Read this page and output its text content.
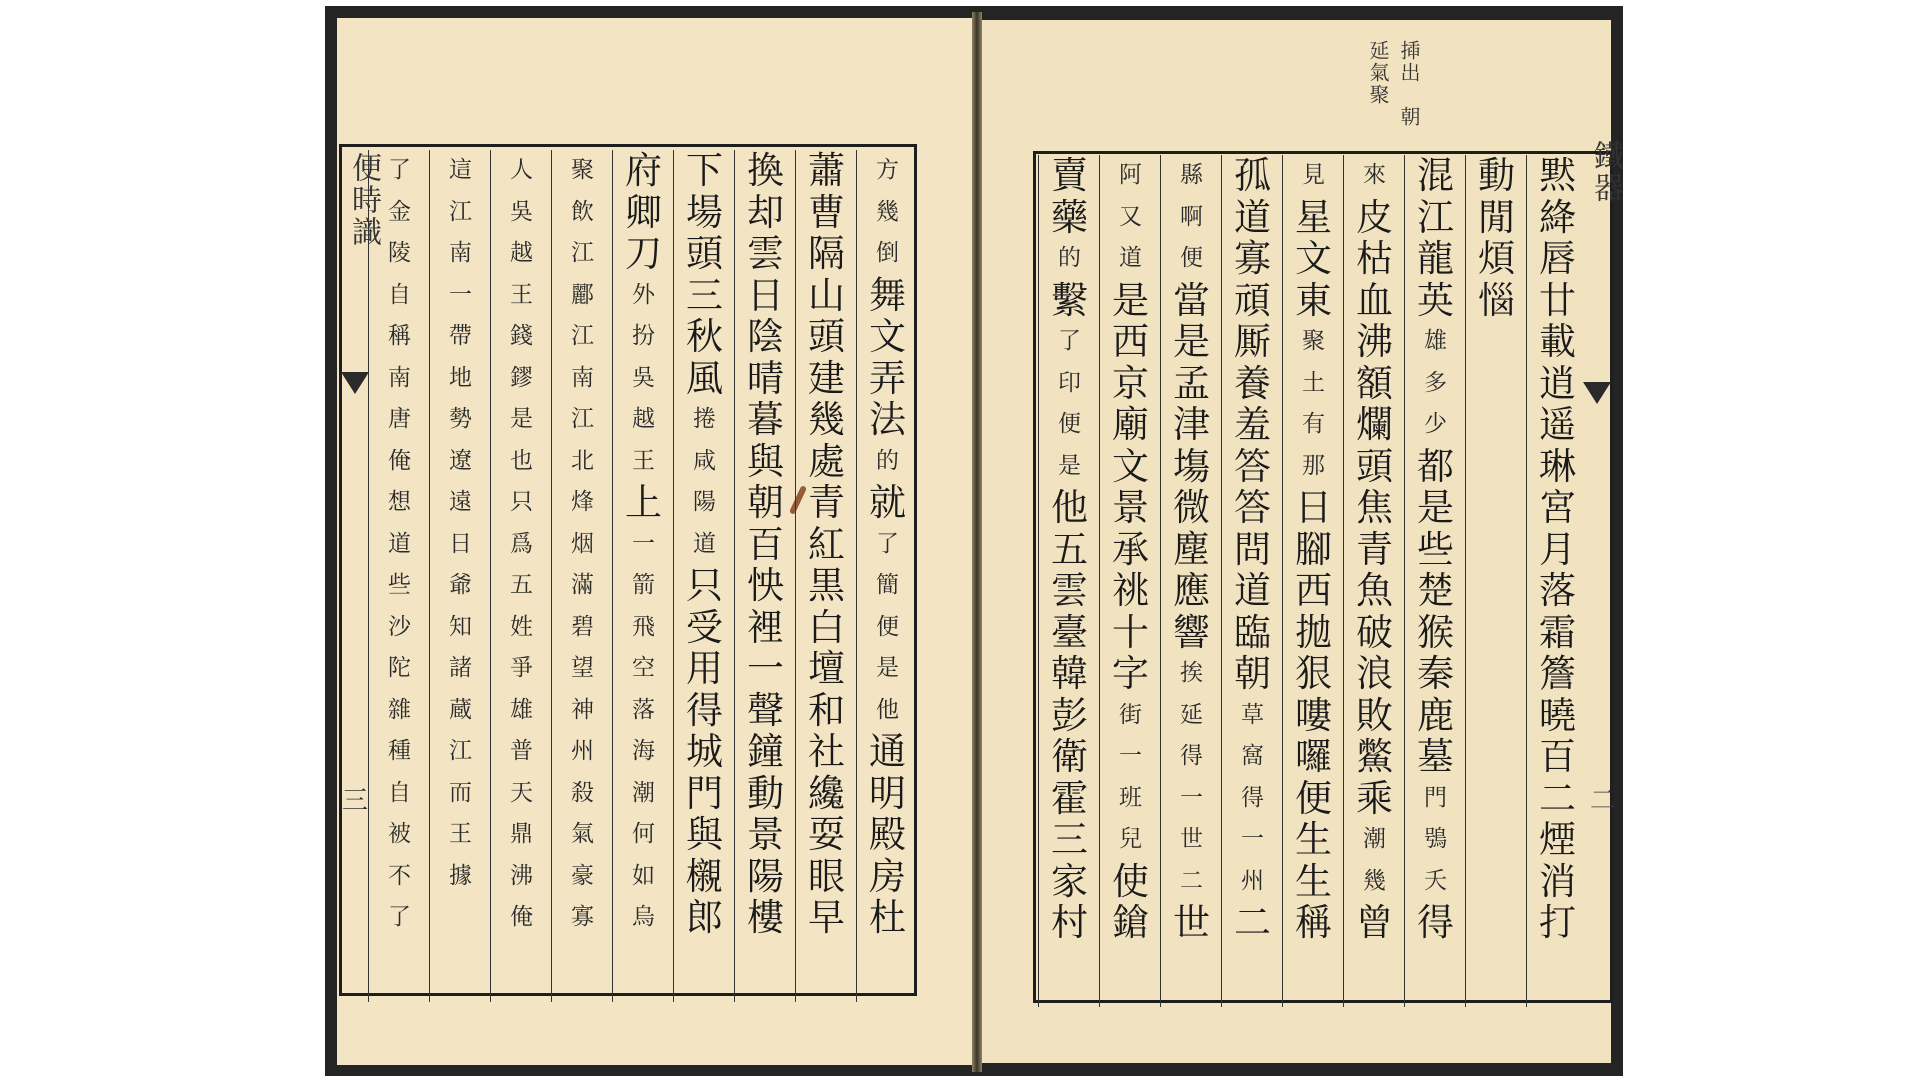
便時識
三
鐵器
二
揷出　朝
延氣聚
方
幾
倒
舞
文
弄
法
的
就
了
簡
便
是
他
通
明
殿
房
杜
蕭
曹
隔
山
頭
建
幾
處
青
紅
黒
白
壇
和
社
纔
耍
眼
早
換
却
雲
日
陰
晴
暮
與
朝
百
怏
裡
一
聲
鐘
動
景
陽
樓
下
場
頭
三
秋
風
捲
咸
陽
道
只
受
用
得
城
門
與
櫬
郎
府
卿
刀
外
扮
吳
越
王
上
一
箭
飛
空
落
海
潮
何
如
烏
聚
飲
江
酈
江
南
江
北
烽
烟
滿
碧
望
神
州
殺
氣
豪
寡
人
吳
越
王
錢
鏐
是
也
只
爲
五
姓
爭
雄
普
天
鼎
沸
俺
這
江
南
一
帶
地
勢
遼
遠
日
爺
知
諸
蔵
江
而
王
據
了
金
陵
自
稱
南
唐
俺
想
道
些
沙
陀
雜
種
自
被
不
了
黙
絳
唇
廿
載
逍
遥
琳
宮
月
落
霜
簷
曉
百
二
煙
消
打
動
閒
煩
惱
混
江
龍
英
雄
多
少
都
是
些
楚
猴
秦
鹿
墓
門
鴞
夭
得
來
皮
枯
血
沸
額
爛
頭
焦
青
魚
破
浪
敗
鱉
乘
潮
幾
曾
見
星
文
東
聚
土
有
那
日
腳
西
拋
狠
嘍
囉
便
生
生
稱
孤
道
寡
頑
厮
養
羞
答
答
問
道
臨
朝
草
窩
得
一
州
二
縣
啊
便
當
是
孟
津
塲
微
塵
應
響
挨
延
得
一
世
二
世
阿
又
道
是
西
京
廟
文
景
承
祧
十
字
街
一
班
兒
使
鎗
賣
藥
的
繫
了
印
便
是
他
五
雲
臺
韓
彭
衛
霍
三
家
村
